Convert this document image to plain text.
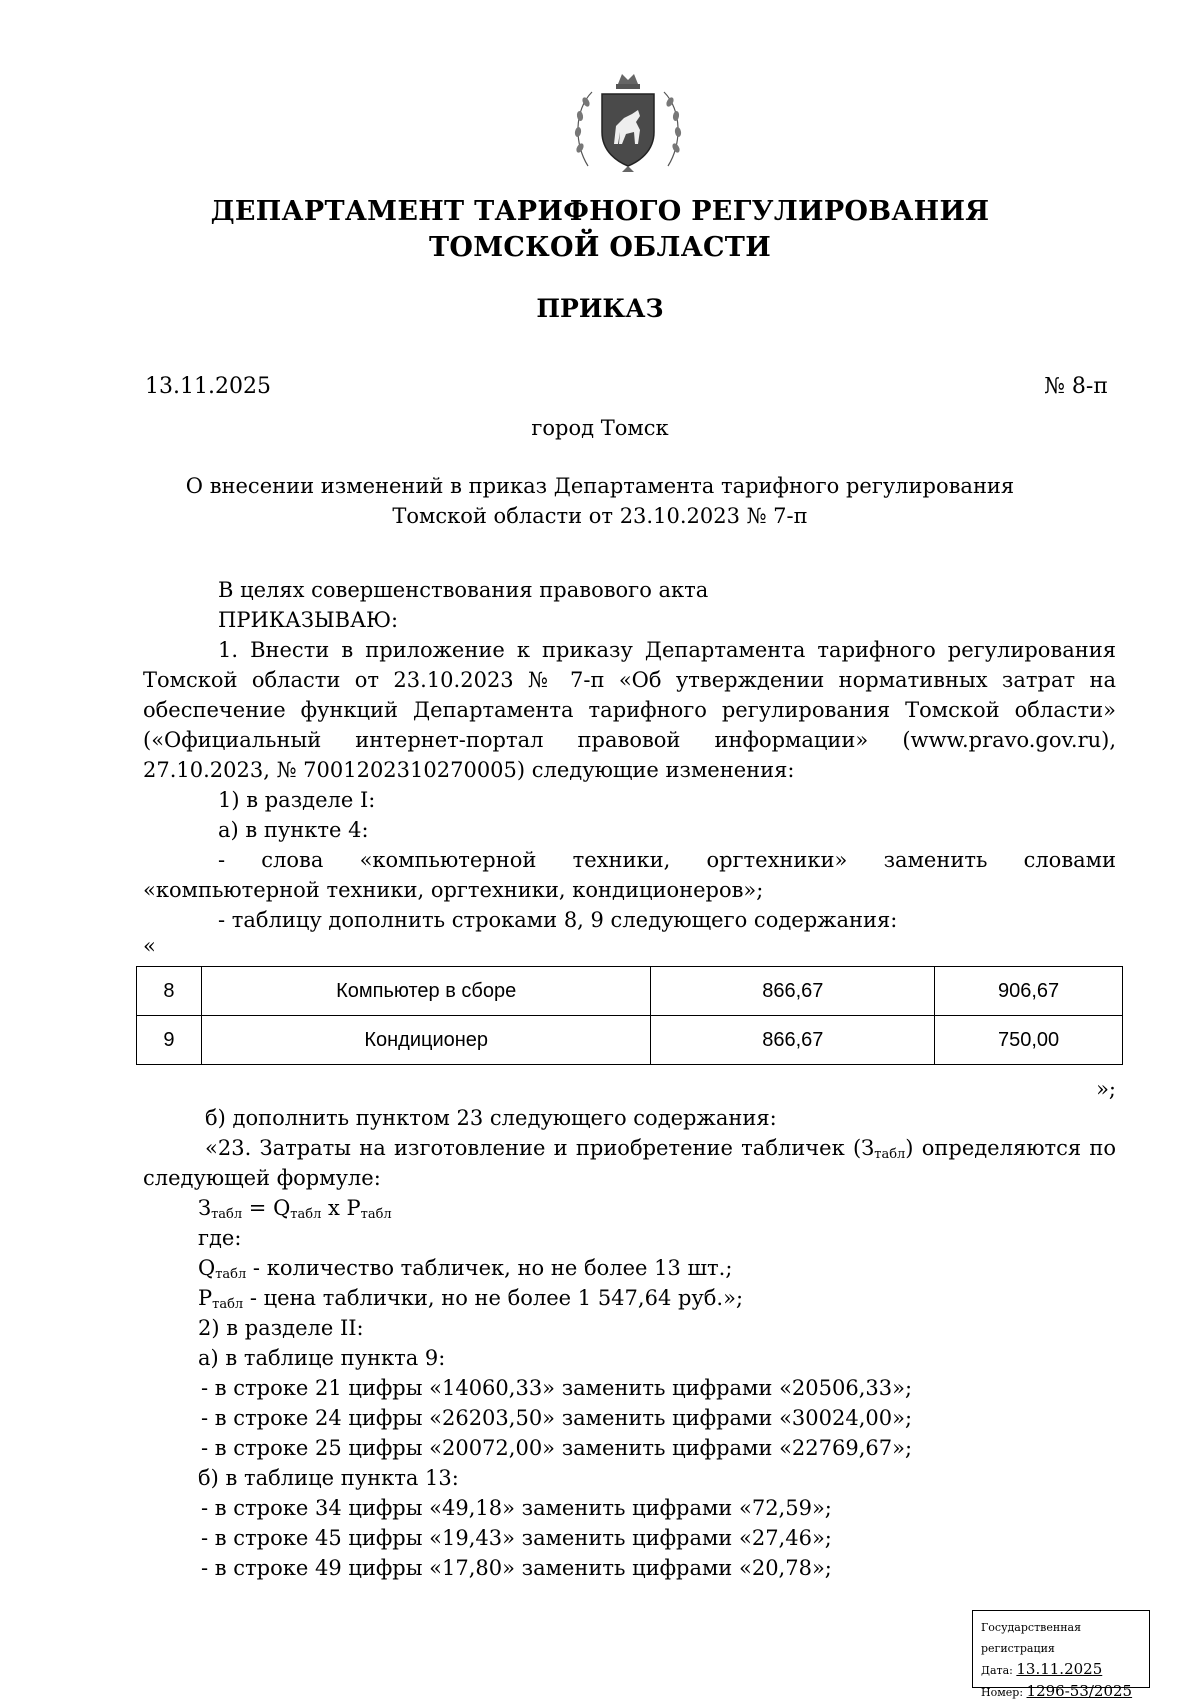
ДЕПАРТАМЕНТ ТАРИФНОГО РЕГУЛИРОВАНИЯ
ТОМСКОЙ ОБЛАСТИ
ПРИКАЗ
13.11.2025	№ 8-п
город Томск
О внесении изменений в приказ Департамента тарифного регулирования
Томской области от 23.10.2023 № 7-п
В целях совершенствования правового акта
ПРИКАЗЫВАЮ:
1. Внести в приложение к приказу Департамента тарифного регулирования
Томской области от 23.10.2023 № 7-п «Об утверждении нормативных затрат на
обеспечение функций Департамента тарифного регулирования Томской области»
(«Официальный интернет-портал правовой информации» (www.pravo.gov.ru),
27.10.2023, № 7001202310270005) следующие изменения:
1) в разделе I:
а) в пункте 4:
- слова «компьютерной техники, оргтехники» заменить словами
«компьютерной техники, оргтехники, кондиционеров»;
- таблицу дополнить строками 8, 9 следующего содержания:
«
8	Компьютер в сборе	866,67	906,67
9	Кондиционер	866,67	750,00
»;
б) дополнить пунктом 23 следующего содержания:
«23. Затраты на изготовление и приобретение табличек $(З_{табл})$ определяются по
следующей формуле:
$З_{табл} = Q_{табл}$ x $P_{табл}$
где:
$Q_{табл}$ - количество табличек, но не более 13 шт.;
$P_{табл}$ - цена таблички, но не более 1 547,64 руб.»;
2) в разделе II:
а) в таблице пункта 9:
- в строке 21 цифры «14060,33» заменить цифрами «20506,33»;
- в строке 24 цифры «26203,50» заменить цифрами «30024,00»;
- в строке 25 цифры «20072,00» заменить цифрами «22769,67»;
б) в таблице пункта 13:
- в строке 34 цифры «49,18» заменить цифрами «72,59»;
- в строке 45 цифры «19,43» заменить цифрами «27,46»;
- в строке 49 цифры «17,80» заменить цифрами «20,78»;
Государственная регистрация
Дата: 13.11.2025
Номер: 1296-53/2025
